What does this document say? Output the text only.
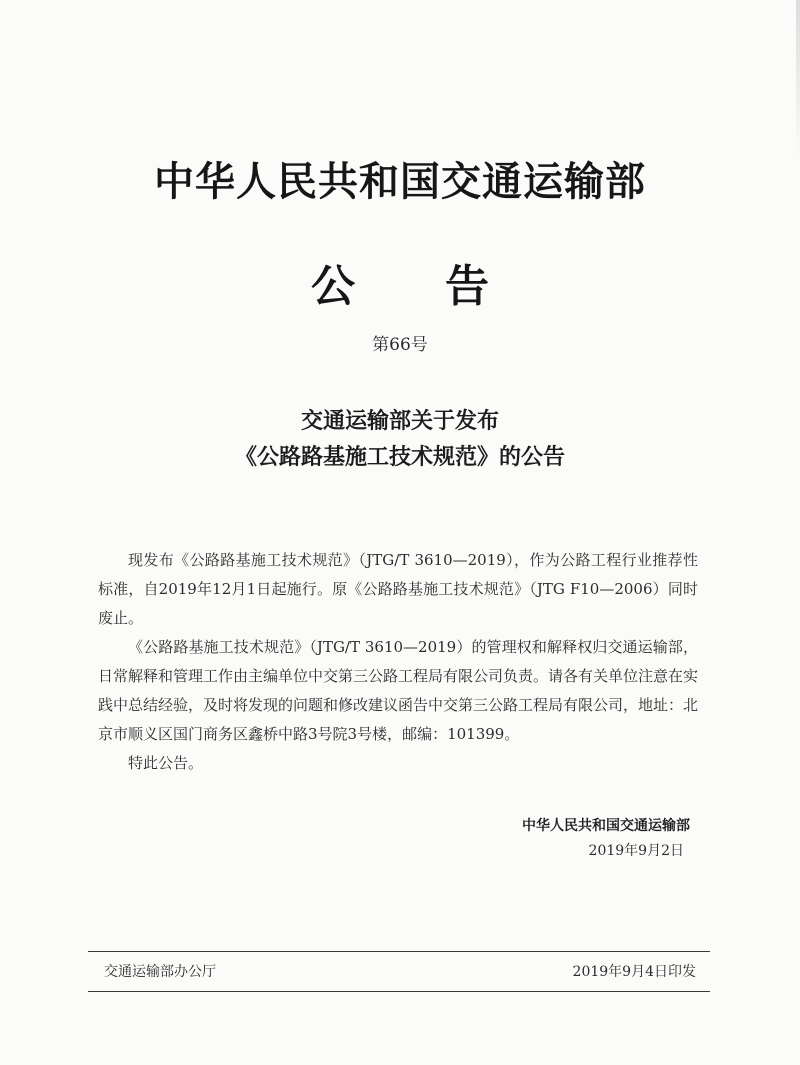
中华人民共和国交通运输部
公告
第66号
交通运输部关于发布
《公路路基施工技术规范》的公告

现发布《公路路基施工技术规范》（JTG/T 3610—2019），作为公路工程行业推荐性标准，自2019年12月1日起施行。原《公路路基施工技术规范》（JTG F10—2006）同时废止。

《公路路基施工技术规范》（JTG/T 3610—2019）的管理权和解释权归交通运输部，日常解释和管理工作由主编单位中交第三公路工程局有限公司负责。请各有关单位注意在实践中总结经验，及时将发现的问题和修改建议函告中交第三公路工程局有限公司，地址：北京市顺义区国门商务区鑫桥中路3号院3号楼，邮编：101399。

特此公告。

中华人民共和国交通运输部
2019年9月2日
交通运输部办公厅	2019年9月4日印发
